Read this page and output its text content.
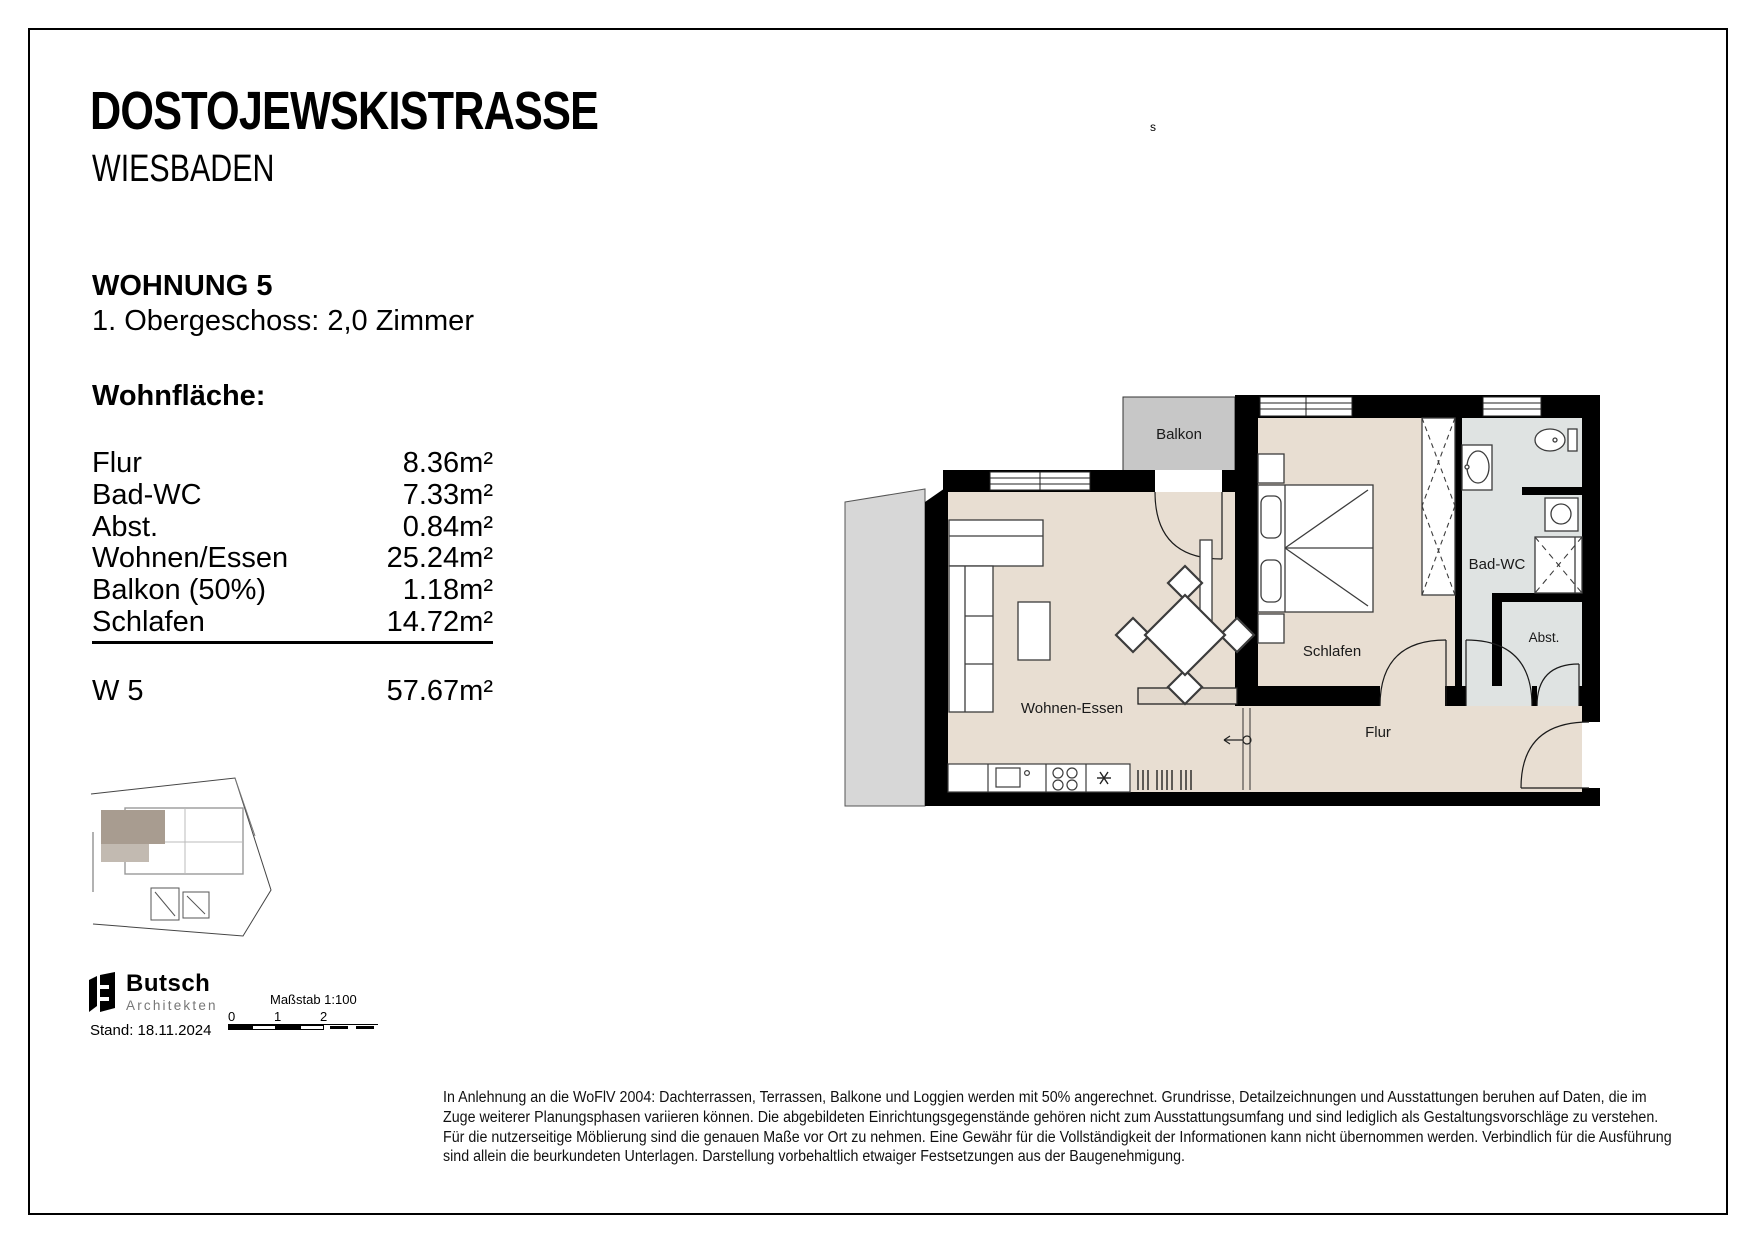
DOSTOJEWSKISTRASSE
WIESBADEN
WOHNUNG 5
1. Obergeschoss: 2,0 Zimmer
s
Wohnfläche:
Flur	8.36m²
Bad-WC	7.33m²
Abst.	0.84m²
Wohnen/Essen	25.24m²
Balkon (50%)	1.18m²
Schlafen	14.72m²
W 5	57.67m²
Balkon
Schlafen
Wohnen-Essen
Flur
Bad-WC
Abst.
Butsch
Architekten
Stand: 18.11.2024
Maßstab 1:100
0	1	2
In Anlehnung an die WoFlV 2004: Dachterrassen, Terrassen, Balkone und Loggien werden mit 50% angerechnet. Grundrisse, Detailzeichnungen und Ausstattungen beruhen auf Daten, die im Zuge weiterer Planungsphasen variieren können. Die abgebildeten Einrichtungsgegenstände gehören nicht zum Ausstattungsumfang und sind lediglich als Gestaltungsvorschläge zu verstehen. Für die nutzerseitige Möblierung sind die genauen Maße vor Ort zu nehmen. Eine Gewähr für die Vollständigkeit der Informationen kann nicht übernommen werden. Verbindlich für die Ausführung sind allein die beurkundeten Unterlagen. Darstellung vorbehaltlich etwaiger Festsetzungen aus der Baugenehmigung.
